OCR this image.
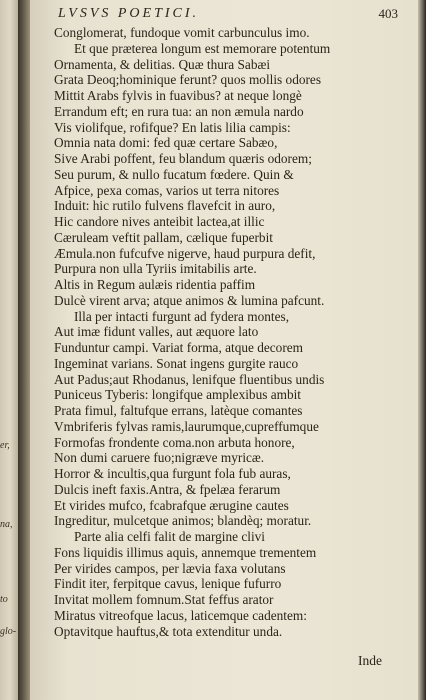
er,
na,
to
glo-
LVSVS POETICI.	403
Conglomerat, fundoque vomit carbunculus imo.
Et que præterea longum est memorare potentum
Ornamenta, & delitias. Quæ thura Sabæi
Grata Deoq;hominique ferunt? quos mollis odores
Mittit Arabs fylvis in fuavibus? at neque longè
Errandum eft; en rura tua: an non æmula nardo
Vis violifque, rofifque? En latis lilia campis:
Omnia nata domi: fed quæ certare Sabæo,
Sive Arabi poffent, feu blandum quæris odorem;
Seu purum, & nullo fucatum fœdere. Quin &
Afpice, pexa comas, varios ut terra nitores
Induit: hic rutilo fulvens flavefcit in auro,
Hic candore nives anteibit lactea,at illic
Cæruleam veftit pallam, cælique fuperbit
Æmula.non fufcufve nigerve, haud purpura defit,
Purpura non ulla Tyriis imitabilis arte.
Altis in Regum aulæis ridentia paffim
Dulcè virent arva; atque animos & lumina pafcunt.
Illa per intacti furgunt ad fydera montes,
Aut imæ fidunt valles, aut æquore lato
Funduntur campi. Variat forma, atque decorem
Ingeminat varians. Sonat ingens gurgite rauco
Aut Padus;aut Rhodanus, lenifque fluentibus undis
Puniceus Tyberis: longifque amplexibus ambit
Prata fimul, faltufque errans, latèque comantes
Vmbriferis fylvas ramis,laurumque,cupreffumque
Formofas frondente coma.non arbuta honore,
Non dumi caruere fuo;nigræve myricæ.
Horror & incultis,qua furgunt fola fub auras,
Dulcis ineft faxis.Antra, & fpelæa ferarum
Et virides mufco, fcabrafque ærugine cautes
Ingreditur, mulcetque animos; blandèq; moratur.
Parte alia celfi falit de margine clivi
Fons liquidis illimus aquis, annemque trementem
Per virides campos, per lævia faxa volutans
Findit iter, ferpitque cavus, lenique fufurro
Invitat mollem fomnum.Stat feffus arator
Miratus vitreofque lacus, laticemque cadentem:
Optavitque hauftus,& tota extenditur unda.
Inde
